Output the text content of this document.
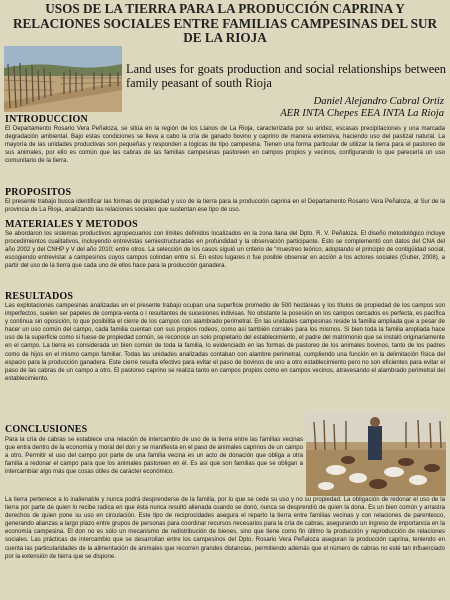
USOS DE LA TIERRA PARA LA PRODUCCIÓN CAPRINA Y RELACIONES SOCIALES ENTRE FAMILIAS CAMPESINAS DEL SUR DE LA RIOJA
Land uses for goats production and social relationships between family peasant of south Rioja
Daniel Alejandro Cabral Ortiz
AER INTA Chepes EEA INTA La Rioja
INTRODUCCION

El Departamento Rosario Vera Peñaloza, se sitúa en la región de los Llanos de La Rioja, caracterizada por su aridez, escasas precipitaciones y una marcada degradación ambiental. Bajo estas condiciones se lleva a cabo la cría de ganado bovino y caprino de manera extensiva, haciendo uso del pastizal natural. La mayoría de las unidades productivas son pequeñas y responden a lógicas de tipo campesina. Tienen una forma particular de utilizar la tierra para el pastoreo de sus animales, por ello es común que las cabras de las familias campesinas pastoreen en campos propios y vecinos, configurando lo que parecería un uso comunitario de la tierra.

PROPOSITOS

El presente trabajo busca identificar las formas de propiedad y uso de la tierra para la producción caprina en el Departamento Rosario Vera Peñaloza, al Sur de la provincia de La Rioja, analizando las relaciones sociales que sustentan ese tipo de uso.

MATERIALES Y METODOS

Se abordaron los sistemas productivos agropecuarios con límites definidos localizados en la zona llana del Dpto. R. V. Peñaloza. El diseño metodológico incluye procedimientos cualitativos, incluyendo entrevistas semiestructuradas en profundidad y la observación participante. Esto se complementó con datos del CNA del año 2002 y del CNHP y V del año 2010; entre otros. La selección de los casos siguió un criterio de "muestreo teórico, adoptando el principio de contigüidad social, escogiendo entrevistar a campesinos cuyos campos colindan entre sí. En estos lugares n fue posible observar en acción a los actores sociales (Guber, 2008), a partir del uso de la tierra que cada uno de ellos hace para la producción ganadera.

RESULTADOS

Las explotaciones campesinas analizadas en el presente trabajo ocupan una superficie promedio de 500 hectáreas y los títulos de propiedad de los campos son imperfectos, suelen ser papeles de compra-venta o l resultantes de sucesiones indivisas. No obstante la posesión en los campos cercados es perfecta, es pacífica y continua sin oposición, lo que posibilita el cierre de los campos con alambrado perimetral. En las unidades campesinas reside la familia ampliada que a pesar de hacer un uso común del campo, cada familia cuentan con sus propios rodeos, como así también corrales para los mismos. Si bien toda la familia ampliada hace uso de la superficie como si fuese de propiedad común, se reconoce un solo propietario del establecimiento, el padre del matrimonio que se instaló originariamente en el campo. La tierra es considerada un bien común de toda la familia, lo evidenciado en las formas de pastoreo de los animales bovinos, tanto de los padres como de hijos en el mismo campo familiar. Todas las unidades analizadas contaban con alambre perimetral, cumpliendo una función en la delimitación física del espacio para la producción ganadera. Este cierre resulta efectivo para evitar el paso de bovinos de uno a otro establecimiento pero no son eficientes para evitar el paso de las cabras de un campo a otro. El pastoreo caprino se realiza tanto en campos propios como en campos vecinos, atravesando el alambrado perimetral del establecimiento.

CONCLUSIONES

Para la cría de cabras se establece una relación de intercambio de uso de la tierra entre las familias vecinas que entra dentro de la economía y moral del don y se manifiesta en el paso de animales caprinos de un campo a otro. Permitir el uso del campo por parte de una familia vecina es un acto de donación que obliga a otra familia a redonar el campo para que los animales pastoreen en él. Es así que son familias que se obligan a intercambiar algo más que cosas útiles de carácter económico.

La tierra pertenece a lo inalienable y nunca podrá desprenderse de la familia, por lo que se cede su uso y no su propiedad. La obligación de redonar el uso de la tierra por parte de quien lo recibe radica en que ésta nunca resultó alienada cuando se donó, nunca se desprendió de quien la dona. Es un bien común y arrastra derechos de quien pone su uso en circulación. Este tipo de reciprocidades asegura el reparto la tierra entre familias vecinas y con relaciones de parentesco, generando alianzas a largo plazo entre grupos de personas para coordinar recursos necesarios para la cría de cabras, asegurando un ingreso de importancia en la economía campesina. El don no es sólo un mecanismo de redistribución de bienes, sino que tiene como fin último la producción y reproducción de relaciones sociales. Las prácticas de intercambio que se desarrollan entre los campesinos del Dpto. Rosario Vera Peñaloza aseguran la producción caprina, teniendo en cuenta las particularidades de la alimentación de animales que recorren grandes distancias, permitiendo además que el número de cabras no esté tan influenciado por la extensión de tierra que se dispone.
